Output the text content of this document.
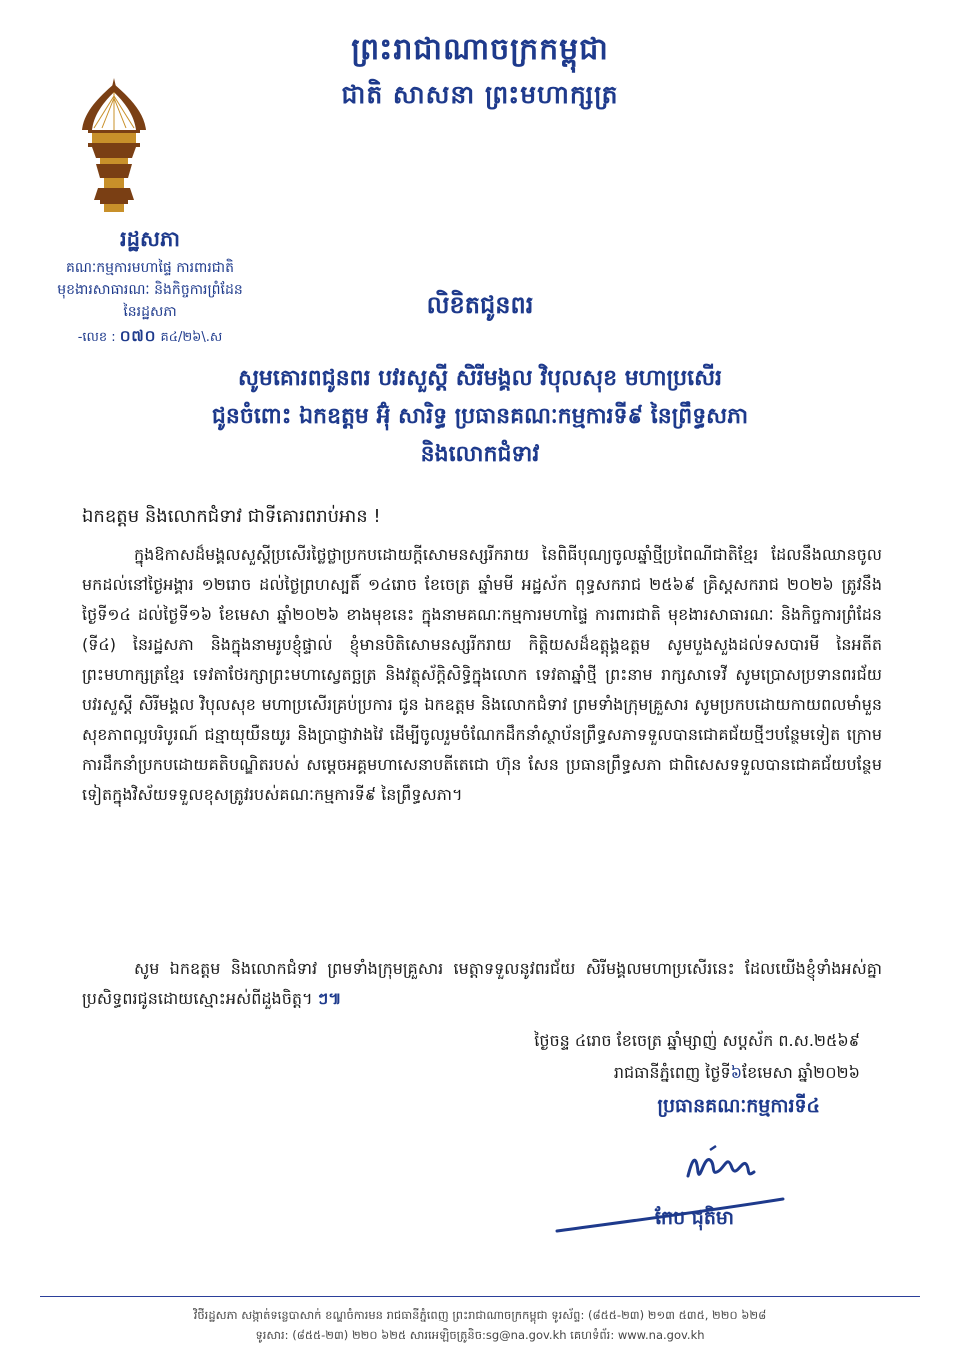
ព្រះរាជាណាចក្រកម្ពុជា
ជាតិ សាសនា ព្រះមហាក្សត្រ
រដ្ឋសភា
គណៈកម្មការមហាផ្ទៃ ការពារជាតិ
មុខងារសាធារណៈ និងកិច្ចការព្រំដែន
នៃរដ្ឋសភា
-លេខ : ០៧០ គ៤/២៦\.ស
លិខិតជូនពរ
សូមគោរពជូនពរ បវរសួស្តី សិរីមង្គល វិបុលសុខ មហាប្រសើរ
ជូនចំពោះ ឯកឧត្តម អ៊ុំ សារិទ្ធ ប្រធានគណៈកម្មការទី៩ នៃព្រឹទ្ធសភា
និងលោកជំទាវ
ឯកឧត្តម និងលោកជំទាវ ជាទីគោរពរាប់អាន !
ក្នុងឱកាសដ៏មង្គលសួស្តីប្រសើរថ្លៃថ្លាប្រកបដោយក្តីសោមនស្សរីករាយ នៃពិធីបុណ្យចូលឆ្នាំថ្មីប្រពៃណីជាតិខ្មែរ ដែលនឹងឈានចូលមកដល់នៅថ្ងៃអង្គារ ១២រោច ដល់ថ្ងៃព្រហស្បតិ៍ ១៤រោច ខែចេត្រ ឆ្នាំមមី អដ្ឋស័ក ពុទ្ធសករាជ ២៥៦៩ គ្រិស្តសករាជ ២០២៦ ត្រូវនឹងថ្ងៃទី១៤ ដល់ថ្ងៃទី១៦ ខែមេសា ឆ្នាំ២០២៦ ខាងមុខនេះ ក្នុងនាមគណៈកម្មការមហាផ្ទៃ ការពារជាតិ មុខងារសាធារណៈ និងកិច្ចការព្រំដែន (ទី៤) នៃរដ្ឋសភា និងក្នុងនាមរូបខ្ញុំផ្ទាល់ ខ្ញុំមានបិតិសោមនស្សរីករាយ កិត្តិយសដ៏ឧត្តុង្គឧត្តម សូមបួងសួងដល់ទសបារមី នៃអតីតព្រះមហាក្សត្រខ្មែរ ទេវតាថែរក្សាព្រះមហាស្វេតច្ឆត្រ និងវត្ថុស័ក្តិសិទ្ធិក្នុងលោក ទេវតាឆ្នាំថ្មី ព្រះនាម រាក្សសាទេវី សូមប្រោសប្រទានពរជ័យ បវរសួស្តី សិរីមង្គល វិបុលសុខ មហាប្រសើរគ្រប់ប្រការ ជូន ឯកឧត្តម និងលោកជំទាវ ព្រមទាំងក្រុមគ្រួសារ សូមប្រកបដោយកាយពលមាំមួន សុខភាពល្អបរិបូរណ៍ ជន្មាយុយឺនយូរ និងប្រាជ្ញាវាងវៃ ដើម្បីចូលរួមចំណែកដឹកនាំស្ថាប័នព្រឹទ្ធសភាទទួលបានជោគជ័យថ្មីៗបន្ថែមទៀត ក្រោមការដឹកនាំប្រកបដោយគតិបណ្ឌិតរបស់ សម្តេចអគ្គមហាសេនាបតីតេជោ ហ៊ុន សែន ប្រធានព្រឹទ្ធសភា ជាពិសេសទទួលបានជោគជ័យបន្ថែមទៀតក្នុងវិស័យទទួលខុសត្រូវរបស់គណៈកម្មការទី៩ នៃព្រឹទ្ធសភា។
សូម ឯកឧត្តម និងលោកជំទាវ ព្រមទាំងក្រុមគ្រួសារ មេត្តាទទួលនូវពរជ័យ សិរីមង្គលមហាប្រសើរនេះ ដែលយើងខ្ញុំទាំងអស់គ្នា ប្រសិទ្ធពរជូនដោយស្មោះអស់ពីដួងចិត្ត។ ៗ៕
ថ្ងៃចន្ទ ៤រោច ខែចេត្រ ឆ្នាំម្សាញ់ សប្តស័ក ព.ស.២៥៦៩
រាជធានីភ្នំពេញ ថ្ងៃទី៦ខែមេសា ឆ្នាំ២០២៦
ប្រធានគណៈកម្មការទី៤
កែប ជុតិមា
វិថីរដ្ឋសភា សង្កាត់ទន្លេបាសាក់ ខណ្ឌចំការមន រាជធានីភ្នំពេញ ព្រះរាជាណាចក្រកម្ពុជា ទូរស័ព្ទ: (៨៥៥-២៣) ២១៣ ៥៣៥, ២២០ ៦២៨
ទូរសារ: (៨៥៥-២៣) ២២០ ៦២៥ សារអេឡិចត្រូនិច:sg@na.gov.kh គេហទំព័រ: www.na.gov.kh
